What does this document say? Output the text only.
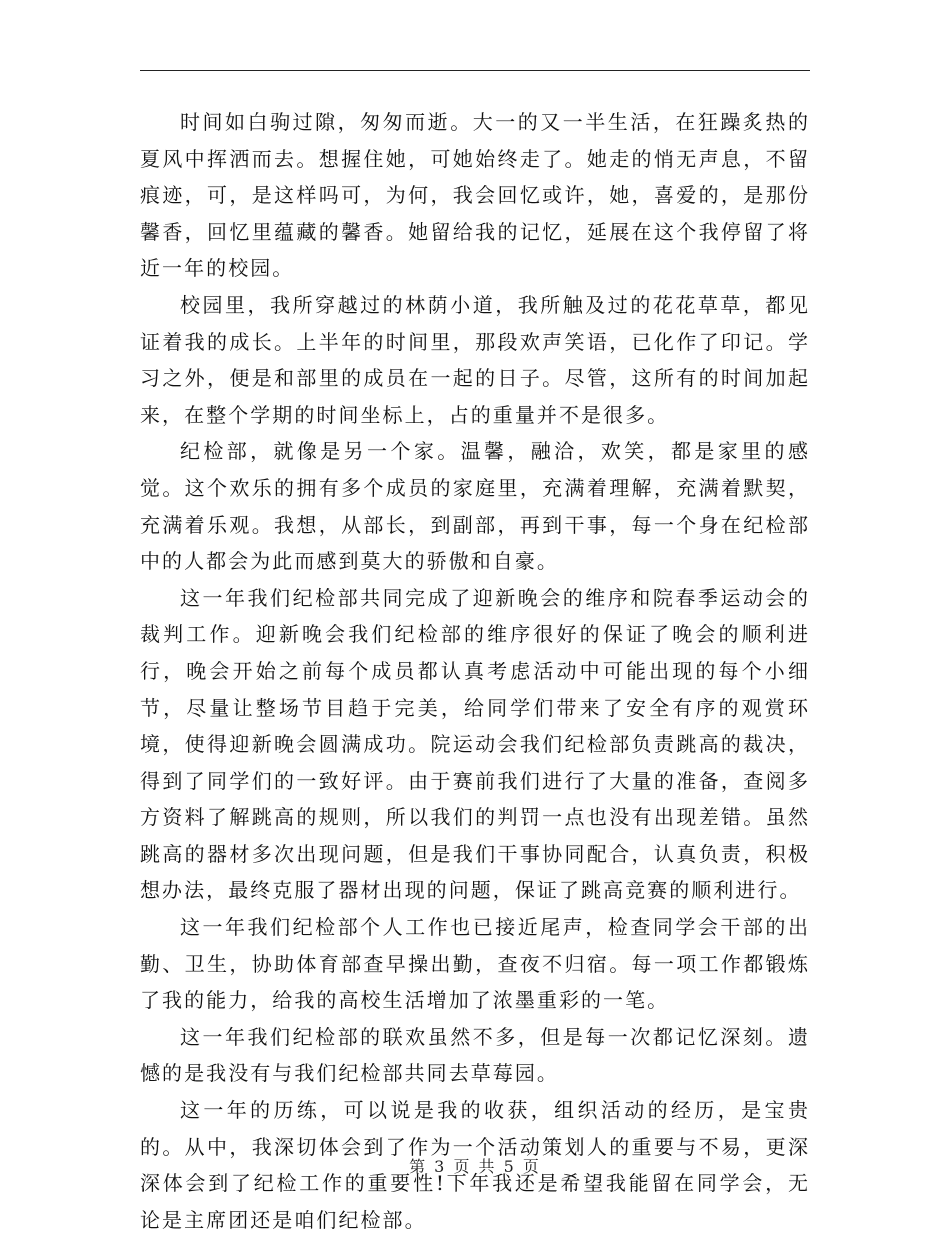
时间如白驹过隙，匆匆而逝。大一的又一半生活，在狂躁炙热的夏风中挥洒而去。想握住她，可她始终走了。她走的悄无声息，不留痕迹，可，是这样吗可，为何，我会回忆或许，她，喜爱的，是那份馨香，回忆里蕴藏的馨香。她留给我的记忆，延展在这个我停留了将近一年的校园。

校园里，我所穿越过的林荫小道，我所触及过的花花草草，都见证着我的成长。上半年的时间里，那段欢声笑语，已化作了印记。学习之外，便是和部里的成员在一起的日子。尽管，这所有的时间加起来，在整个学期的时间坐标上，占的重量并不是很多。

纪检部，就像是另一个家。温馨，融洽，欢笑，都是家里的感觉。这个欢乐的拥有多个成员的家庭里，充满着理解，充满着默契，充满着乐观。我想，从部长，到副部，再到干事，每一个身在纪检部中的人都会为此而感到莫大的骄傲和自豪。

这一年我们纪检部共同完成了迎新晚会的维序和院春季运动会的裁判工作。迎新晚会我们纪检部的维序很好的保证了晚会的顺利进行，晚会开始之前每个成员都认真考虑活动中可能出现的每个小细节，尽量让整场节目趋于完美，给同学们带来了安全有序的观赏环境，使得迎新晚会圆满成功。院运动会我们纪检部负责跳高的裁决，得到了同学们的一致好评。由于赛前我们进行了大量的准备，查阅多方资料了解跳高的规则，所以我们的判罚一点也没有出现差错。虽然跳高的器材多次出现问题，但是我们干事协同配合，认真负责，积极想办法，最终克服了器材出现的问题，保证了跳高竞赛的顺利进行。

这一年我们纪检部个人工作也已接近尾声，检查同学会干部的出勤、卫生，协助体育部查早操出勤，查夜不归宿。每一项工作都锻炼了我的能力，给我的高校生活增加了浓墨重彩的一笔。

这一年我们纪检部的联欢虽然不多，但是每一次都记忆深刻。遗憾的是我没有与我们纪检部共同去草莓园。

这一年的历练，可以说是我的收获，组织活动的经历，是宝贵的。从中，我深切体会到了作为一个活动策划人的重要与不易，更深深体会到了纪检工作的重要性!下年我还是希望我能留在同学会，无论是主席团还是咱们纪检部。

第 3 页 共 5 页
